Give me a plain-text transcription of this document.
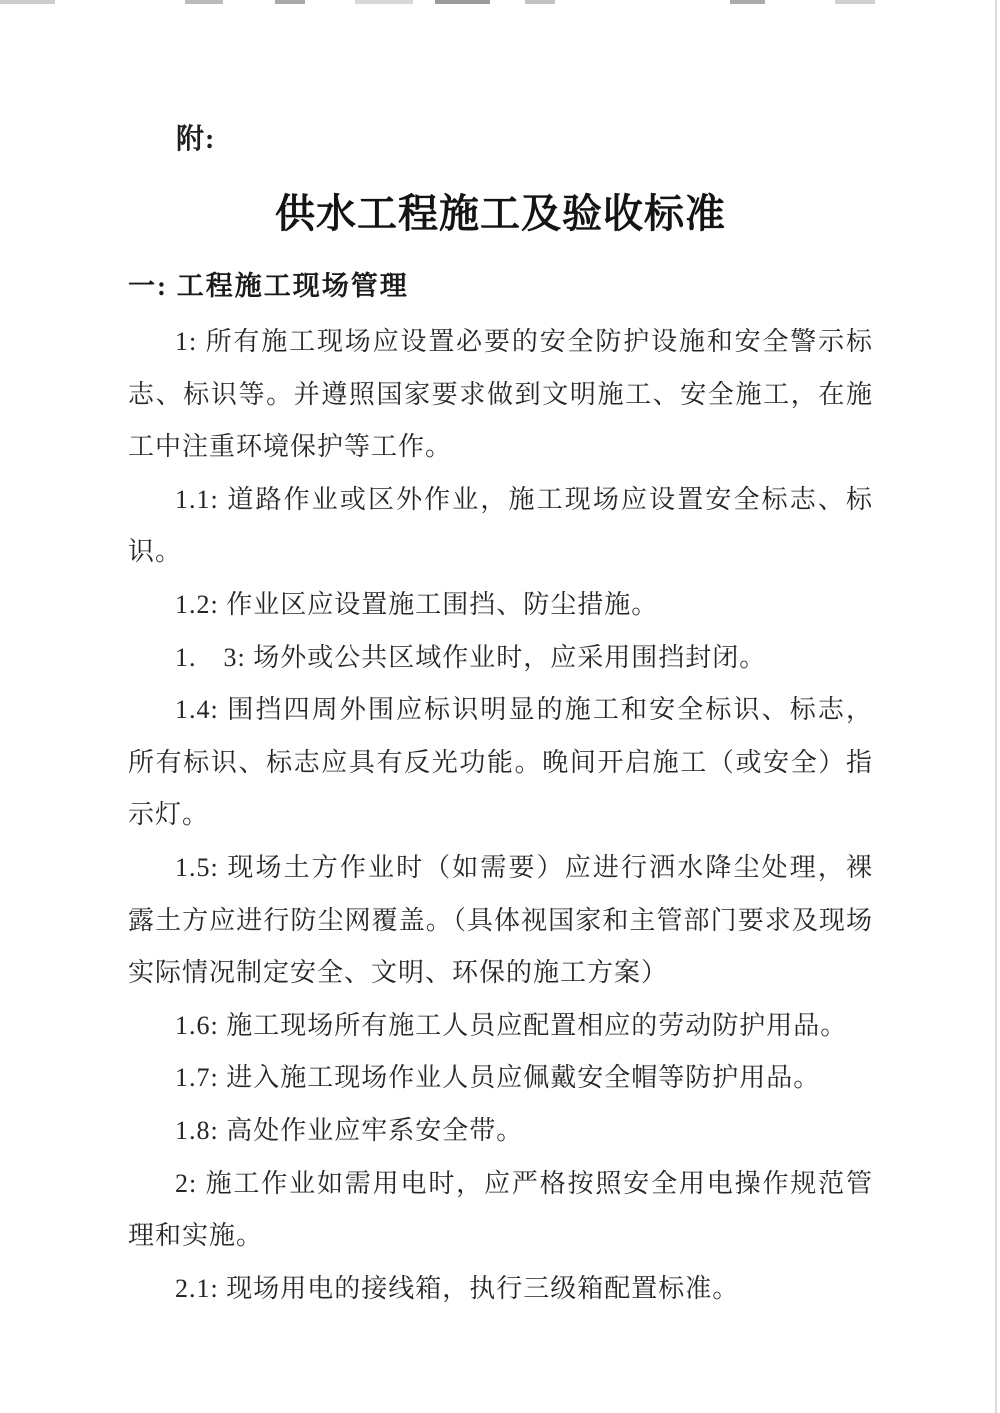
附:

供水工程施工及验收标准
一: 工程施工现场管理

1: 所有施工现场应设置必要的安全防护设施和安全警示标志、标识等。并遵照国家要求做到文明施工、安全施工，在施工中注重环境保护等工作。

1.1: 道路作业或区外作业，施工现场应设置安全标志、标识。

1.2: 作业区应设置施工围挡、防尘措施。

1.　3: 场外或公共区域作业时，应采用围挡封闭。

1.4: 围挡四周外围应标识明显的施工和安全标识、标志，所有标识、标志应具有反光功能。晚间开启施工（或安全）指示灯。

1.5: 现场土方作业时（如需要）应进行洒水降尘处理，裸露土方应进行防尘网覆盖。（具体视国家和主管部门要求及现场实际情况制定安全、文明、环保的施工方案）

1.6: 施工现场所有施工人员应配置相应的劳动防护用品。

1.7: 进入施工现场作业人员应佩戴安全帽等防护用品。

1.8: 高处作业应牢系安全带。

2: 施工作业如需用电时，应严格按照安全用电操作规范管理和实施。

2.1: 现场用电的接线箱，执行三级箱配置标准。
